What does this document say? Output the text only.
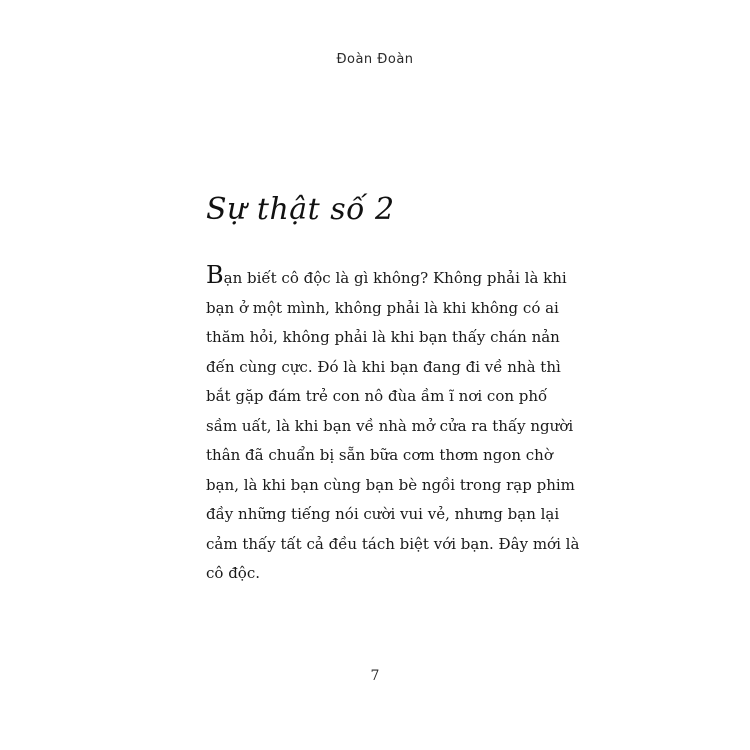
Đoàn Đoàn
Sự thật số 2
Bạn biết cô độc là gì không? Không phải là khi
bạn ở một mình, không phải là khi không có ai
thăm hỏi, không phải là khi bạn thấy chán nản
đến cùng cực. Đó là khi bạn đang đi về nhà thì
bắt gặp đám trẻ con nô đùa ầm ĩ nơi con phố
sầm uất, là khi bạn về nhà mở cửa ra thấy người
thân đã chuẩn bị sẵn bữa cơm thơm ngon chờ
bạn, là khi bạn cùng bạn bè ngồi trong rạp phim
đầy những tiếng nói cười vui vẻ, nhưng bạn lại
cảm thấy tất cả đều tách biệt với bạn. Đây mới là
cô độc.
7
